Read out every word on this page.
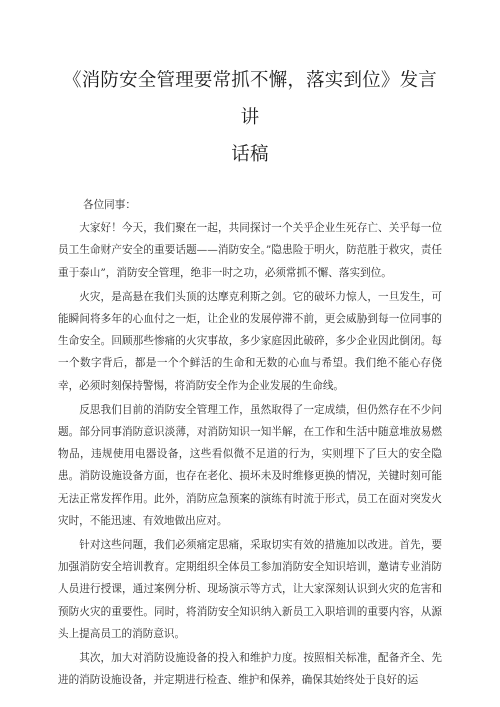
《消防安全管理要常抓不懈，落实到位》发言讲
话稿

各位同事：

大家好！今天，我们聚在一起，共同探讨一个关乎企业生死存亡、关乎每一位员工生命财产安全的重要话题——消防安全。”隐患险于明火，防范胜于救灾，责任重于泰山”，消防安全管理，绝非一时之功，必须常抓不懈、落实到位。

火灾，是高悬在我们头顶的达摩克利斯之剑。它的破坏力惊人，一旦发生，可能瞬间将多年的心血付之一炬，让企业的发展停滞不前，更会威胁到每一位同事的生命安全。回顾那些惨痛的火灾事故，多少家庭因此破碎，多少企业因此倒闭。每一个数字背后，都是一个个鲜活的生命和无数的心血与希望。我们绝不能心存侥幸，必须时刻保持警惕，将消防安全作为企业发展的生命线。

反思我们目前的消防安全管理工作，虽然取得了一定成绩，但仍然存在不少问题。部分同事消防意识淡薄，对消防知识一知半解，在工作和生活中随意堆放易燃物品，违规使用电器设备，这些看似微不足道的行为，实则埋下了巨大的安全隐患。消防设施设备方面，也存在老化、损坏未及时维修更换的情况，关键时刻可能无法正常发挥作用。此外，消防应急预案的演练有时流于形式，员工在面对突发火灾时，不能迅速、有效地做出应对。

针对这些问题，我们必须痛定思痛，采取切实有效的措施加以改进。首先，要加强消防安全培训教育。定期组织全体员工参加消防安全知识培训，邀请专业消防人员进行授课，通过案例分析、现场演示等方式，让大家深刻认识到火灾的危害和预防火灾的重要性。同时，将消防安全知识纳入新员工入职培训的重要内容，从源头上提高员工的消防意识。

其次，加大对消防设施设备的投入和维护力度。按照相关标准，配备齐全、先进的消防设施设备，并定期进行检查、维护和保养，确保其始终处于良好的运
